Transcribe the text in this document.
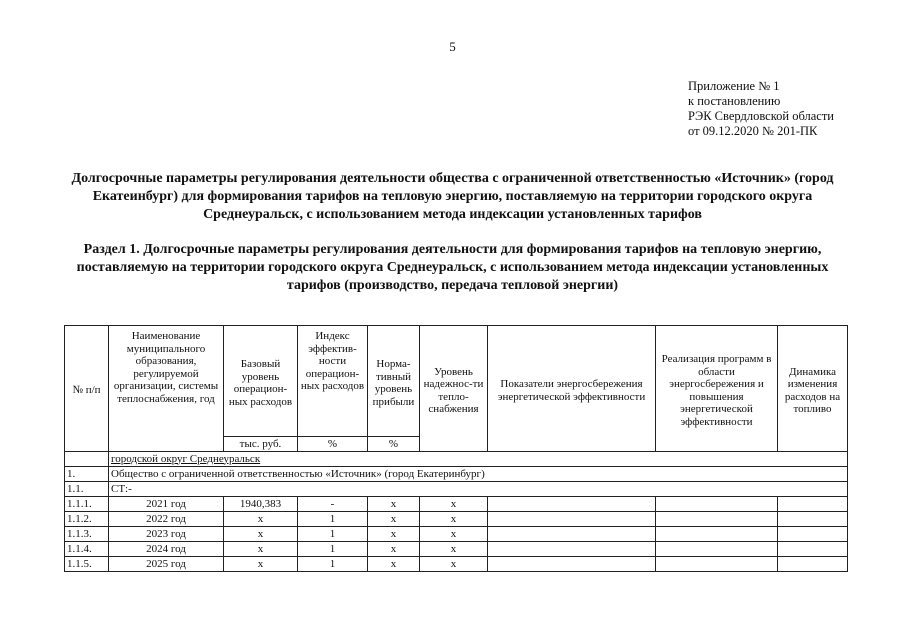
5
Приложение № 1
к постановлению
РЭК Свердловской области
от 09.12.2020 № 201-ПК
Долгосрочные параметры регулирования деятельности общества с ограниченной ответственностью «Источник» (город Екатеинбург) для формирования тарифов на тепловую энергию, поставляемую на территории городского округа Среднеуральск, с использованием метода индексации установленных тарифов
Раздел 1. Долгосрочные параметры регулирования деятельности для формирования тарифов на тепловую энергию, поставляемую на территории городского округа Среднеуральск, с использованием метода индексации установленных тарифов (производство, передача тепловой энергии)
№ п/п	Наименование муниципального образования, регулируемой организации, системы теплоснабжения, год	Базовый уровень операцион-ных расходов	Индекс эффектив-ности операцион-ных расходов	Норма-тивный уровень прибыли	Уровень надежнос-ти тепло-снабжения	Показатели энергосбережения энергетической эффективности	Реализация программ в области энергосбережения и повышения энергетической эффективности	Динамика изменения расходов на топливо
		тыс. руб.	%	%				
	городской округ Среднеуральск							
1.	Общество с ограниченной ответственностью «Источник» (город Екатеринбург)							
1.1.	СТ:-							
1.1.1.	2021 год	1940,383	-	х	х			
1.1.2.	2022 год	х	1	х	х			
1.1.3.	2023 год	х	1	х	х			
1.1.4.	2024 год	х	1	х	х			
1.1.5.	2025 год	х	1	х	х			
